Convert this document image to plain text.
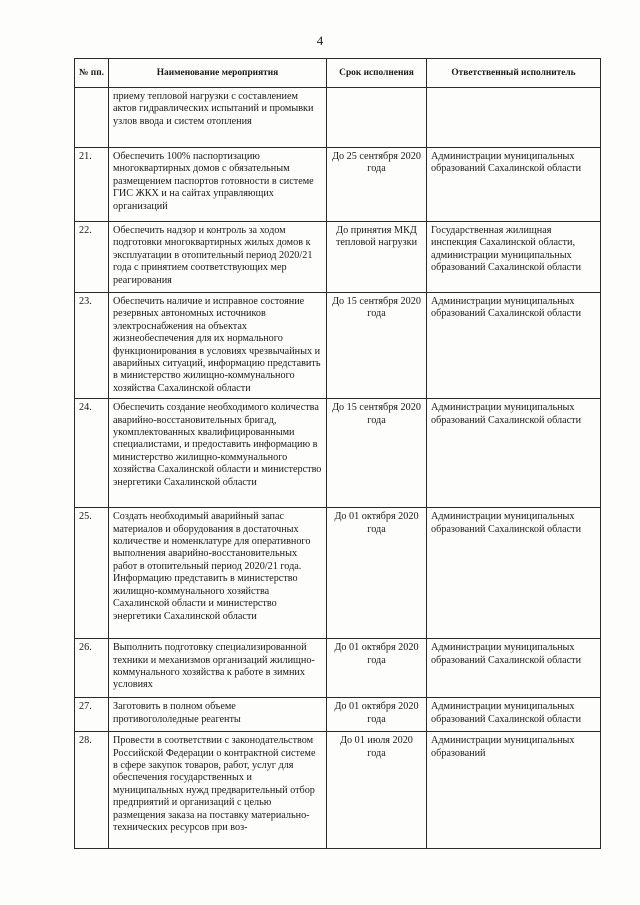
4
№ пп.	Наименование мероприятия	Срок исполнения	Ответственный исполнитель
	приему тепловой нагрузки с составлением актов гидравлических испытаний и промывки узлов ввода и систем отопления		
21.	Обеспечить 100% паспортизацию многоквартирных домов с обязательным размещением паспортов готовности в системе ГИС ЖКХ и на сайтах управляющих организаций	До 25 сентября 2020 года	Администрации муниципальных образований Сахалинской области
22.	Обеспечить надзор и контроль за ходом подготовки многоквартирных жилых домов к эксплуатации в отопительный период 2020/21 года с принятием соответствующих мер реагирования	До принятия МКД тепловой нагрузки	Государственная жилищная инспекция Сахалинской области, администрации муниципальных образований Сахалинской области
23.	Обеспечить наличие и исправное состояние резервных автономных источников электроснабжения на объектах жизнеобеспечения для их нормального функционирования в условиях чрезвычайных и аварийных ситуаций, информацию представить в министерство жилищно-коммунального хозяйства Сахалинской области	До 15 сентября 2020 года	Администрации муниципальных образований Сахалинской области
24.	Обеспечить создание необходимого количества аварийно-восстановительных бригад, укомплектованных квалифицированными специалистами, и предоставить информацию в министерство жилищно-коммунального хозяйства Сахалинской области и министерство энергетики Сахалинской области	До 15 сентября 2020 года	Администрации муниципальных образований Сахалинской области
25.	Создать необходимый аварийный запас материалов и оборудования в достаточных количестве и номенклатуре для оперативного выполнения аварийно-восстановительных работ в отопительный период 2020/21 года. Информацию представить в министерство жилищно-коммунального хозяйства Сахалинской области и министерство энергетики Сахалинской области	До 01 октября 2020 года	Администрации муниципальных образований Сахалинской области
26.	Выполнить подготовку специализированной техники и механизмов организаций жилищно-коммунального хозяйства к работе в зимних условиях	До 01 октября 2020 года	Администрации муниципальных образований Сахалинской области
27.	Заготовить в полном объеме противогололедные реагенты	До 01 октября 2020 года	Администрации муниципальных образований Сахалинской области
28.	Провести в соответствии с законодательством Российской Федерации о контрактной системе в сфере закупок товаров, работ, услуг для обеспечения государственных и муниципальных нужд предварительный отбор предприятий и организаций с целью размещения заказа на поставку материально-технических ресурсов при воз-	До 01 июля 2020 года	Администрации муниципальных образований
